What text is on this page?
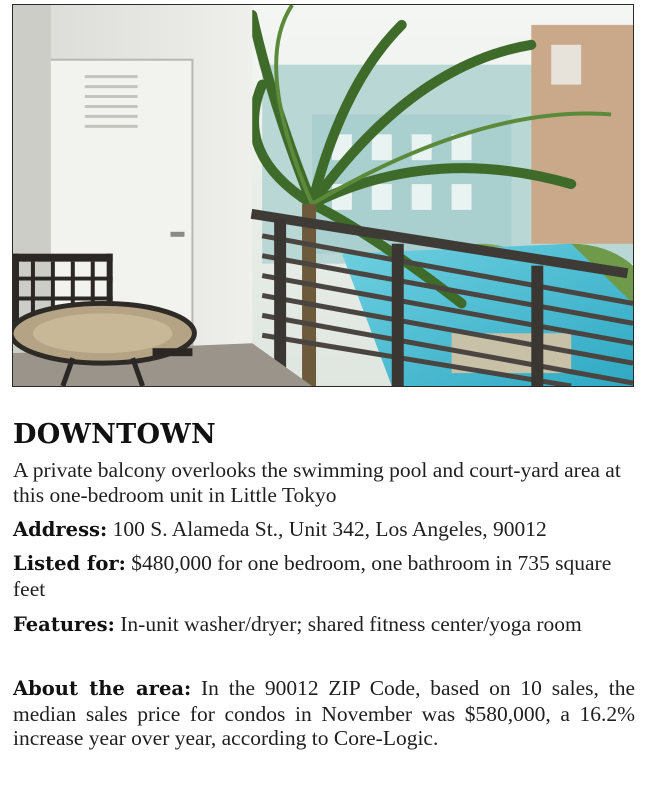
DOWNTOWN

A private balcony overlooks the swimming pool and court-yard area at this one-bedroom unit in Little Tokyo

Address: 100 S. Alameda St., Unit 342, Los Angeles, 90012

Listed for: $480,000 for one bedroom, one bathroom in 735 square feet

Features: In-unit washer/dryer; shared fitness center/yoga room

About the area: In the 90012 ZIP Code, based on 10 sales, the median sales price for condos in November was $580,000, a 16.2% increase year over year, according to Core-Logic.
